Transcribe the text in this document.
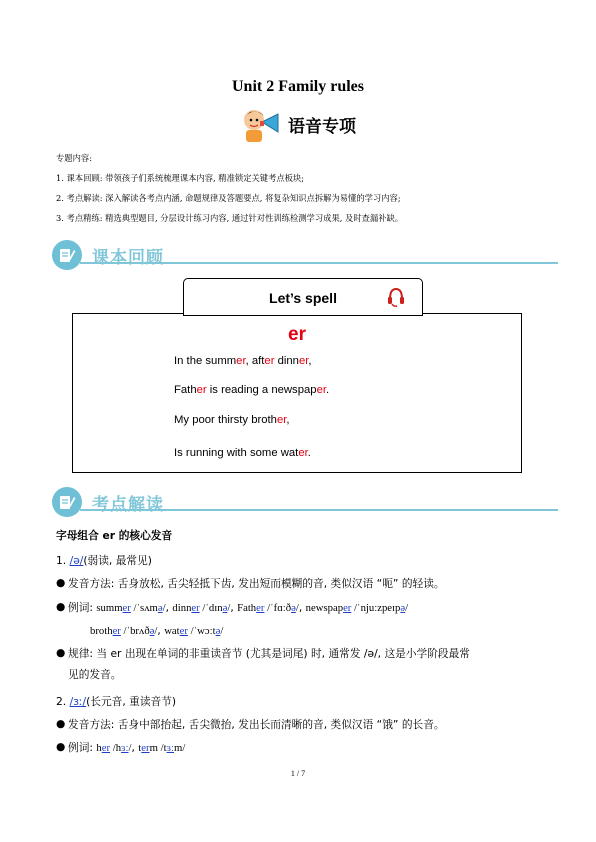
Unit 2 Family rules
语音专项
专题内容:
1. 课本回顾: 带领孩子们系统梳理课本内容, 精准锁定关键考点板块;
2. 考点解读: 深入解读各考点内涵, 命题规律及答题要点, 将复杂知识点拆解为易懂的学习内容;
3. 考点精练: 精选典型题目, 分层设计练习内容, 通过针对性训练检测学习成果, 及时查漏补缺。
课本回顾
er
In the summer, after dinner,
Father is reading a newspaper.
My poor thirsty brother,
Is running with some water.
Let’s spell
考点解读
字母组合 er 的核心发音
1. /ə/(弱读, 最常见)
● 发音方法: 舌身放松, 舌尖轻抵下齿, 发出短而模糊的音, 类似汉语 “呃” 的轻读。
● 例词: summer /ˈsʌmə/, dinner /ˈdɪnə/, Father /ˈfɑːðə/, newspaper /ˈnjuːzpeɪpə/
brother /ˈbrʌðə/, water /ˈwɔːtə/
● 规律: 当 er 出现在单词的非重读音节 (尤其是词尾) 时, 通常发 /ə/, 这是小学阶段最常
见的发音。
2. /ɜː/(长元音, 重读音节)
● 发音方法: 舌身中部抬起, 舌尖微抬, 发出长而清晰的音, 类似汉语 “饿” 的长音。
● 例词: her /hɜː/, term /tɜːm/
1 / 7
